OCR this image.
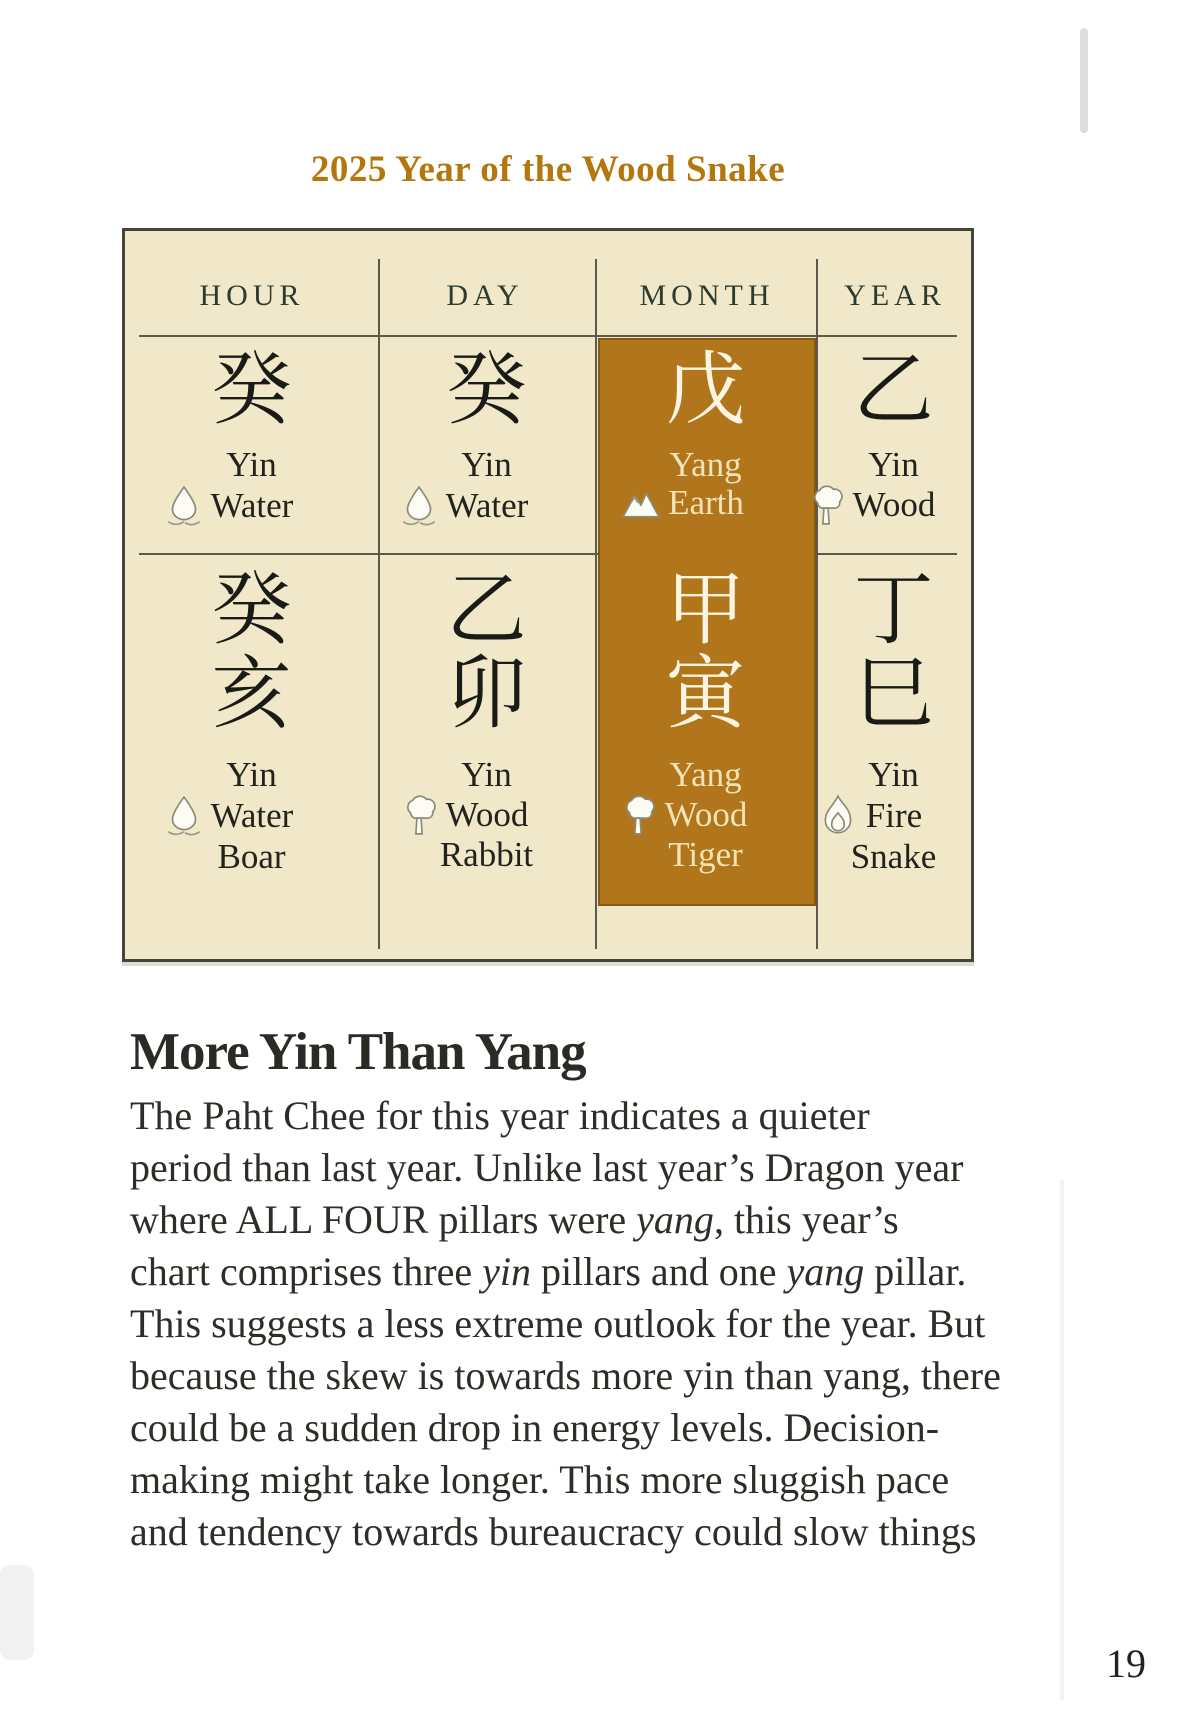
2025 Year of the Wood Snake
HOUR	DAY	MONTH YEAR
癸
Yin
Water
癸
Yin
Water
戊
Yang
Earth
乙
Yin
Wood
癸
亥
Yin
Water
Boar
乙
卯
Yin
Wood
Rabbit
甲
寅
Yang
Wood
Tiger
丁
巳
Yin
Fire
Snake
More Yin Than Yang
The Paht Chee for this year indicates a quieter
period than last year. Unlike last year’s Dragon year
where ALL FOUR pillars were yang, this year’s
chart comprises three yin pillars and one yang pillar.
This suggests a less extreme outlook for the year. But
because the skew is towards more yin than yang, there
could be a sudden drop in energy levels. Decision-
making might take longer. This more sluggish pace
and tendency towards bureaucracy could slow things
19
